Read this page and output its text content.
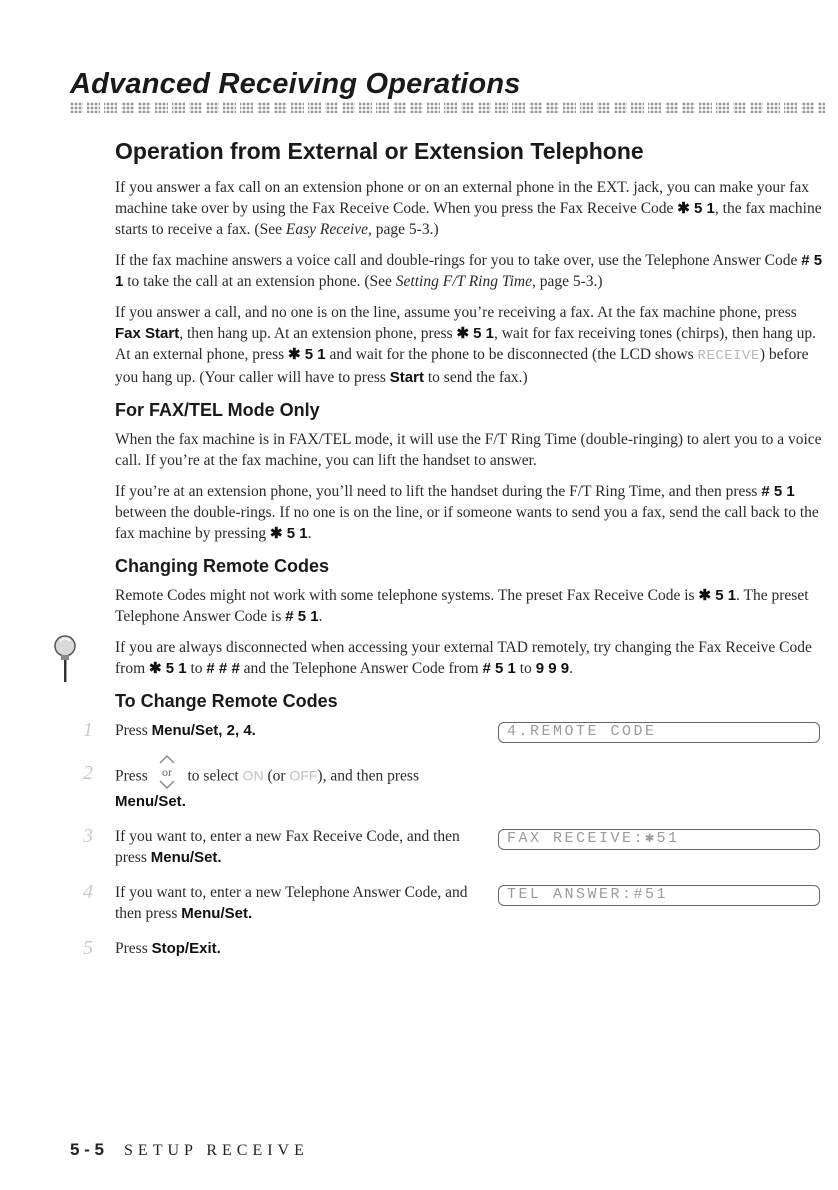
Advanced Receiving Operations
Operation from External or Extension Telephone

If you answer a fax call on an extension phone or on an external phone in the EXT. jack, you can make your fax machine take over by using the Fax Receive Code. When you press the Fax Receive Code ✱ 5 1, the fax machine starts to receive a fax. (See Easy Receive, page 5-3.)

If the fax machine answers a voice call and double-rings for you to take over, use the Telephone Answer Code # 5 1 to take the call at an extension phone. (See Setting F/T Ring Time, page 5-3.)

If you answer a call, and no one is on the line, assume you’re receiving a fax. At the fax machine phone, press Fax Start, then hang up. At an extension phone, press ✱ 5 1, wait for fax receiving tones (chirps), then hang up. At an external phone, press ✱ 5 1 and wait for the phone to be disconnected (the LCD shows RECEIVE) before you hang up. (Your caller will have to press Start to send the fax.)

For FAX/TEL Mode Only

When the fax machine is in FAX/TEL mode, it will use the F/T Ring Time (double-ringing) to alert you to a voice call. If you’re at the fax machine, you can lift the handset to answer.

If you’re at an extension phone, you’ll need to lift the handset during the F/T Ring Time, and then press # 5 1 between the double-rings. If no one is on the line, or if someone wants to send you a fax, send the call back to the fax machine by pressing ✱ 5 1.

Changing Remote Codes

Remote Codes might not work with some telephone systems. The preset Fax Receive Code is ✱ 5 1. The preset Telephone Answer Code is # 5 1.

If you are always disconnected when accessing your external TAD remotely, try changing the Fax Receive Code from ✱ 5 1 to # # # and the Telephone Answer Code from # 5 1 to 9 9 9.

To Change Remote Codes
1 Press Menu/Set, 2, 4.	4.REMOTE CODE
2 Press or to select ON (or OFF), and then press
Menu/Set.
3 If you want to, enter a new Fax Receive Code, and then press Menu/Set.
FAX RECEIVE:✱51
4 If you want to, enter a new Telephone Answer Code, and then press Menu/Set.
TEL ANSWER:#51
5 Press Stop/Exit.
5 - 5 SETUP RECEIVE
